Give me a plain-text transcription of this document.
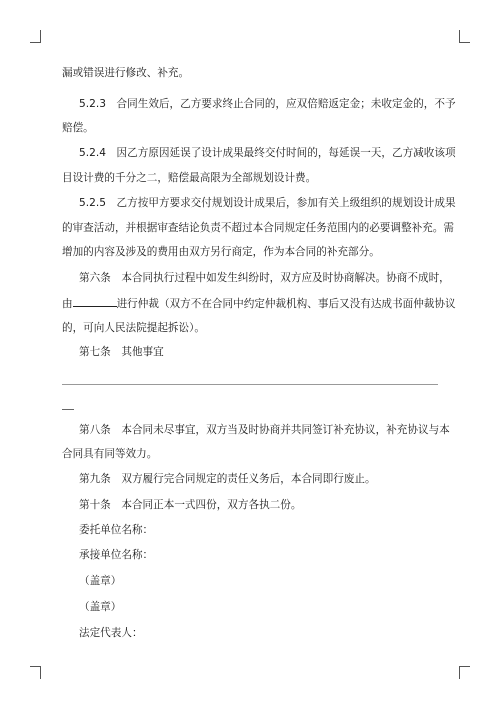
漏或错误进行修改、补充。
5.2.3　合同生效后，乙方要求终止合同的，应双倍赔返定金；未收定金的，不予
赔偿。
5.2.4　因乙方原因延误了设计成果最终交付时间的，每延误一天，乙方减收该项
目设计费的千分之二，赔偿最高限为全部规划设计费。
5.2.5　乙方按甲方要求交付规划设计成果后，参加有关上级组织的规划设计成果
的审查活动，并根据审查结论负责不超过本合同规定任务范围内的必要调整补充。需
增加的内容及涉及的费用由双方另行商定，作为本合同的补充部分。
第六条　本合同执行过程中如发生纠纷时，双方应及时协商解决。协商不成时，
由	进行仲裁（双方不在合同中约定仲裁机构、事后又没有达成书面仲裁协议
的，可向人民法院提起拆讼）。
第七条　其他事宜
第八条　本合同未尽事宜，双方当及时协商并共同签订补充协议，补充协议与本
合同具有同等效力。
第九条　双方履行完合同规定的责任义务后，本合同即行废止。
第十条　本合同正本一式四份，双方各执二份。
委托单位名称：
承接单位名称：
（盖章）
（盖章）
法定代表人：
